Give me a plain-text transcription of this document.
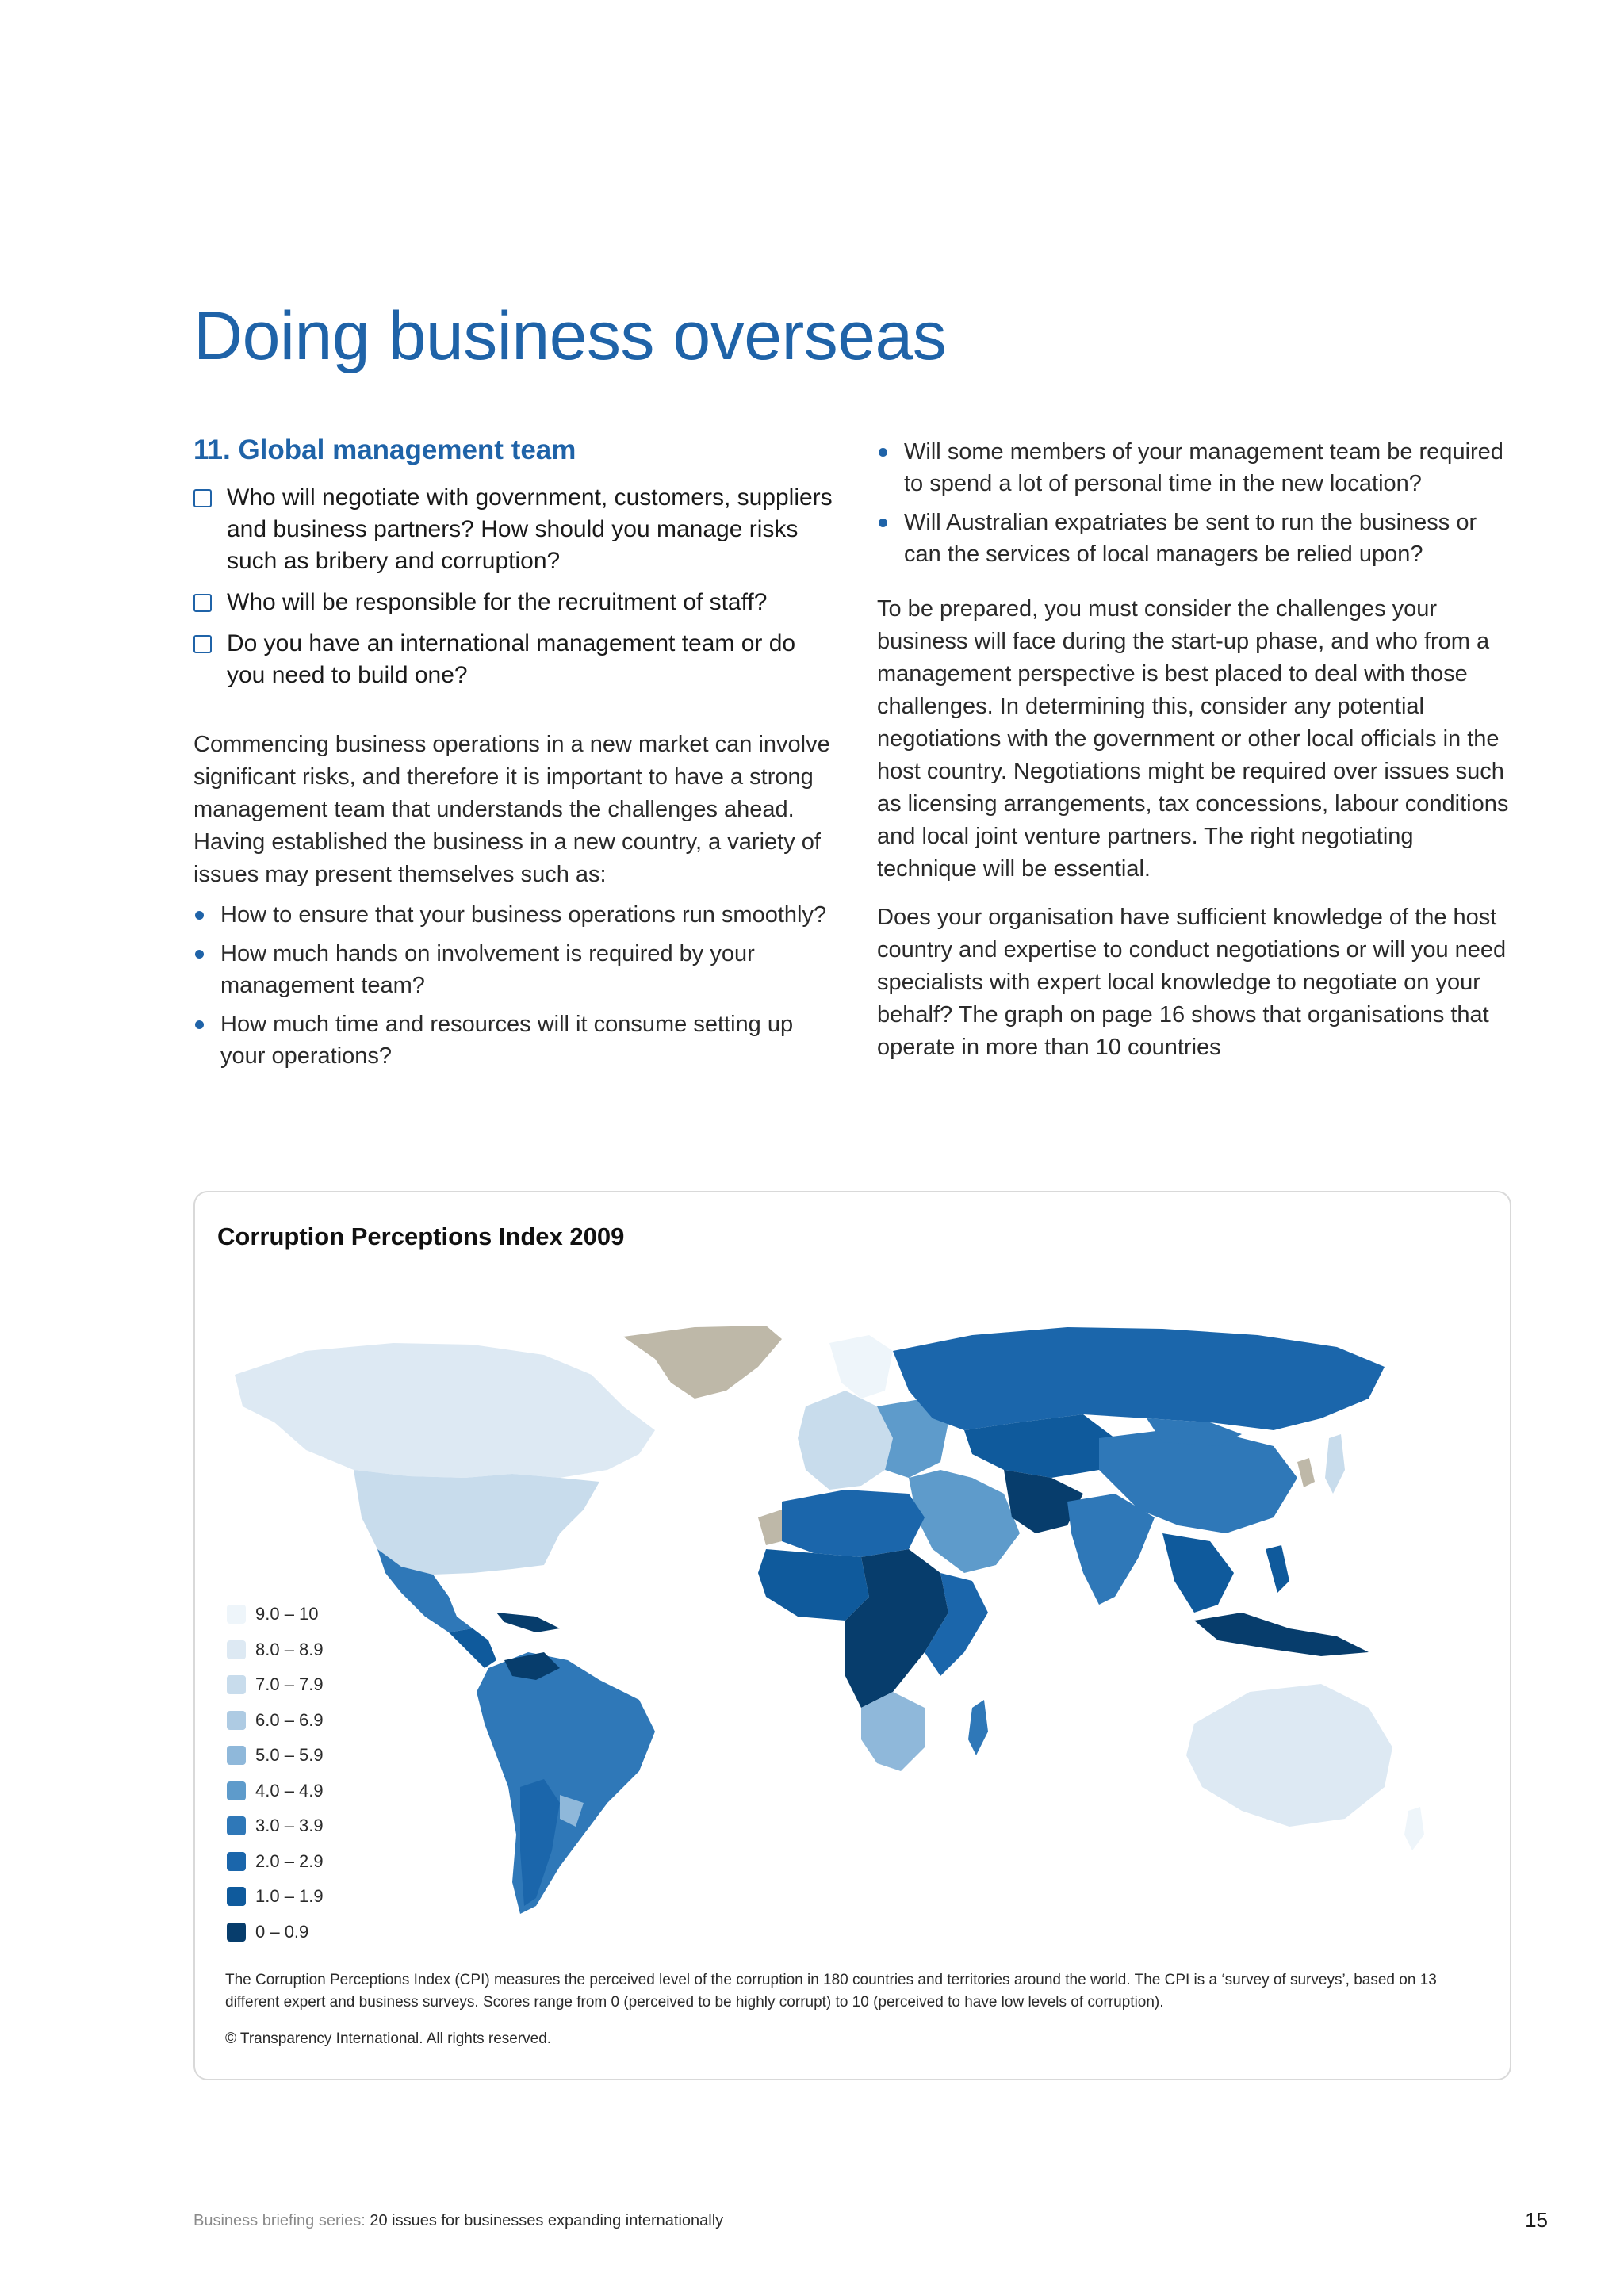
Doing business overseas
11. Global management team
Who will negotiate with government, customers, suppliers and business partners? How should you manage risks such as bribery and corruption?
Who will be responsible for the recruitment of staff?
Do you have an international management team or do you need to build one?

Commencing business operations in a new market can involve significant risks, and therefore it is important to have a strong management team that understands the challenges ahead. Having established the business in a new country, a variety of issues may present themselves such as:

How to ensure that your business operations run smoothly?
How much hands on involvement is required by your management team?
How much time and resources will it consume setting up your operations?
Will some members of your management team be required to spend a lot of personal time in the new location?
Will Australian expatriates be sent to run the business or can the services of local managers be relied upon?

To be prepared, you must consider the challenges your business will face during the start-up phase, and who from a management perspective is best placed to deal with those challenges. In determining this, consider any potential negotiations with the government or other local officials in the host country. Negotiations might be required over issues such as licensing arrangements, tax concessions, labour conditions and local joint venture partners. The right negotiating technique will be essential.

Does your organisation have sufficient knowledge of the host country and expertise to conduct negotiations or will you need specialists with expert local knowledge to negotiate on your behalf? The graph on page 16 shows that organisations that operate in more than 10 countries

Corruption Perceptions Index 2009
9.0 – 10
8.0 – 8.9
7.0 – 7.9
6.0 – 6.9
5.0 – 5.9
4.0 – 4.9
3.0 – 3.9
2.0 – 2.9
1.0 – 1.9
0 – 0.9

The Corruption Perceptions Index (CPI) measures the perceived level of the corruption in 180 countries and territories around the world. The CPI is a ‘survey of surveys’, based on 13 different expert and business surveys. Scores range from 0 (perceived to be highly corrupt) to 10 (perceived to have low levels of corruption).

© Transparency International. All rights reserved.

Business briefing series: 20 issues for businesses expanding internationally	15
